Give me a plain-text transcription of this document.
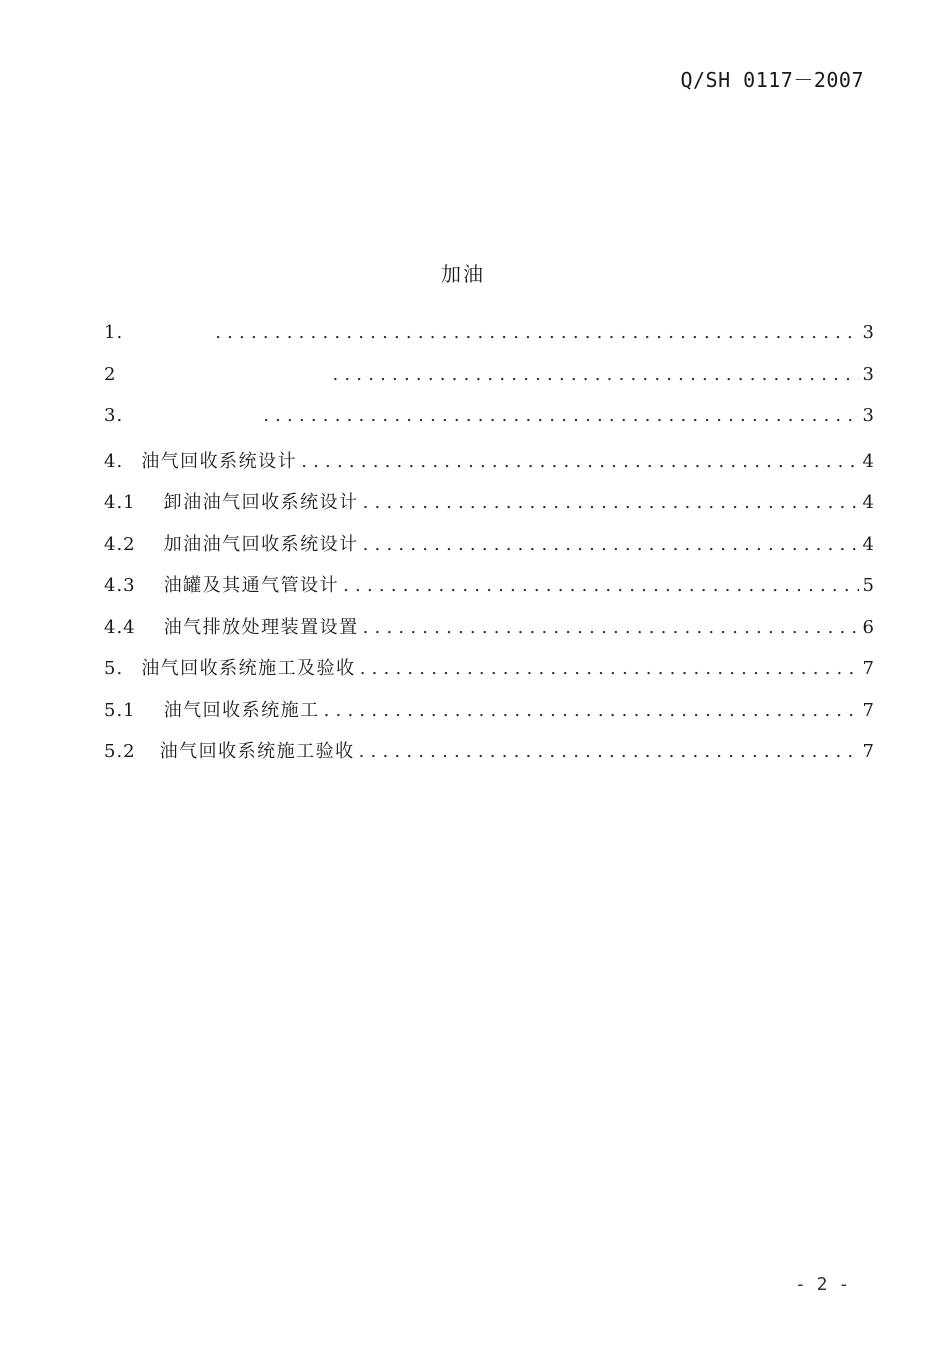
Q/SH 0117－2007
加油
1. .....	3
2 .....	3
3. .....	3
4. 油气回收系统设计 .....	4
4.1 卸油油气回收系统设计 .....	4
4.2 加油油气回收系统设计 .....	4
4.3 油罐及其通气管设计 .....	5
4.4 油气排放处理装置设置 .....	6
5. 油气回收系统施工及验收 .....	7
5.1 油气回收系统施工 .....	7
5.2 油气回收系统施工验收 .....	7
- 2 -
